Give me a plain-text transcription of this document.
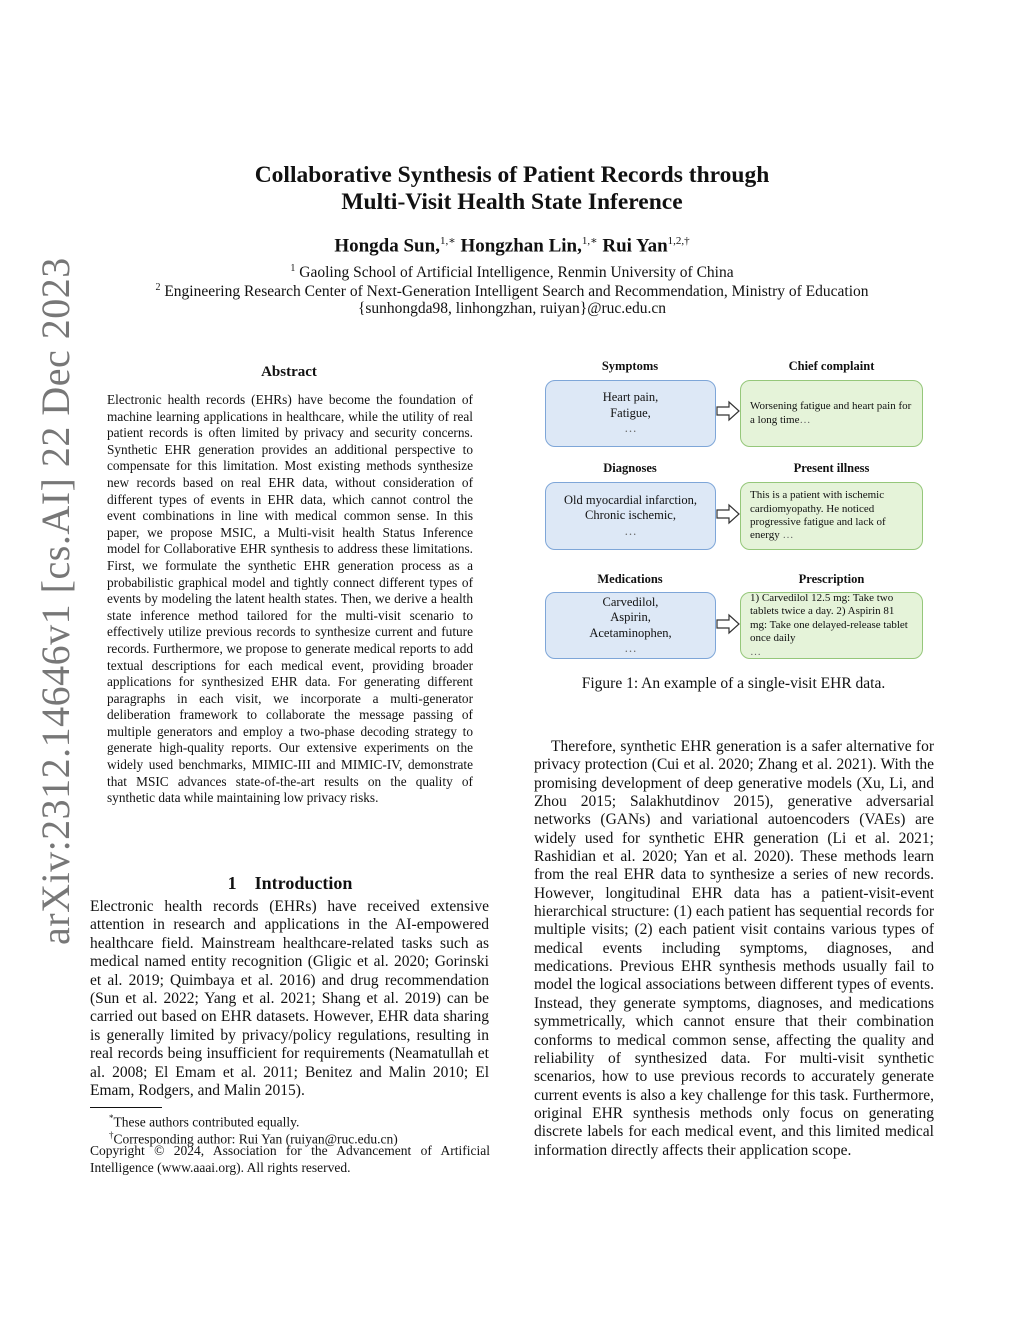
arXiv:2312.14646v1 [cs.AI] 22 Dec 2023
Collaborative Synthesis of Patient Records through
Multi-Visit Health State Inference
Hongda Sun,$^{1,∗}$ Hongzhan Lin,$^{1,∗}$ Rui Yan$^{1,2,\dagger}$
$^1$ Gaoling School of Artificial Intelligence, Renmin University of China
$^2$ Engineering Research Center of Next-Generation Intelligent Search and Recommendation, Ministry of Education
{sunhongda98, linhongzhan, ruiyan}@ruc.edu.cn
Abstract
Electronic health records (EHRs) have become the foundation of machine learning applications in healthcare, while the utility of real patient records is often limited by privacy and security concerns. Synthetic EHR generation provides an additional perspective to compensate for this limitation. Most existing methods synthesize new records based on real EHR data, without consideration of different types of events in EHR data, which cannot control the event combinations in line with medical common sense. In this paper, we propose MSIC, a Multi-visit health Status Inference model for Collaborative EHR synthesis to address these limitations. First, we formulate the synthetic EHR generation process as a probabilistic graphical model and tightly connect different types of events by modeling the latent health states. Then, we derive a health state inference method tailored for the multi-visit scenario to effectively utilize previous records to synthesize current and future records. Furthermore, we propose to generate medical reports to add textual descriptions for each medical event, providing broader applications for synthesized EHR data. For generating different paragraphs in each visit, we incorporate a multi-generator deliberation framework to collaborate the message passing of multiple generators and employ a two-phase decoding strategy to generate high-quality reports. Our extensive experiments on the widely used benchmarks, MIMIC-III and MIMIC-IV, demonstrate that MSIC advances state-of-the-art results on the quality of synthetic data while maintaining low privacy risks.
1    Introduction
Electronic health records (EHRs) have received extensive attention in research and applications in the AI-empowered healthcare field. Mainstream healthcare-related tasks such as medical named entity recognition (Gligic et al. 2020; Gorinski et al. 2019; Quimbaya et al. 2016) and drug recommendation (Sun et al. 2022; Yang et al. 2021; Shang et al. 2019) can be carried out based on EHR datasets. However, EHR data sharing is generally limited by privacy/policy regulations, resulting in real records being insufficient for requirements (Neamatullah et al. 2008; El Emam et al. 2011; Benitez and Malin 2010; El Emam, Rodgers, and Malin 2015).
*These authors contributed equally.
†Corresponding author: Rui Yan (ruiyan@ruc.edu.cn)
Copyright © 2024, Association for the Advancement of Artificial Intelligence (www.aaai.org). All rights reserved.
Symptoms	Chief complaint
Heart pain,
Fatigue,
…
Worsening fatigue and heart pain for a long time…
Diagnoses	Present illness
Old myocardial infarction,
Chronic ischemic,
…
This is a patient with ischemic cardiomyopathy. He noticed progressive fatigue and lack of energy …
Medications	Prescription
Carvedilol,
Aspirin,
Acetaminophen,
…
1) Carvedilol 12.5 mg: Take two tablets twice a day. 2) Aspirin 81 mg: Take one delayed-release tablet once daily
…
Figure 1: An example of a single-visit EHR data.
Therefore, synthetic EHR generation is a safer alternative for privacy protection (Cui et al. 2020; Zhang et al. 2021). With the promising development of deep generative models (Xu, Li, and Zhou 2015; Salakhutdinov 2015), generative adversarial networks (GANs) and variational autoencoders (VAEs) are widely used for synthetic EHR generation (Li et al. 2021; Rashidian et al. 2020; Yan et al. 2020). These methods learn from the real EHR data to synthesize a series of new records. However, longitudinal EHR data has a patient-visit-event hierarchical structure: (1) each patient has sequential records for multiple visits; (2) each patient visit contains various types of medical events including symptoms, diagnoses, and medications. Previous EHR synthesis methods usually fail to model the logical associations between different types of events. Instead, they generate symptoms, diagnoses, and medications symmetrically, which cannot ensure that their combination conforms to medical common sense, affecting the quality and reliability of synthesized data. For multi-visit synthetic scenarios, how to use previous records to accurately generate current events is also a key challenge for this task. Furthermore, original EHR synthesis methods only focus on generating discrete labels for each medical event, and this limited medical information directly affects their application scope.
